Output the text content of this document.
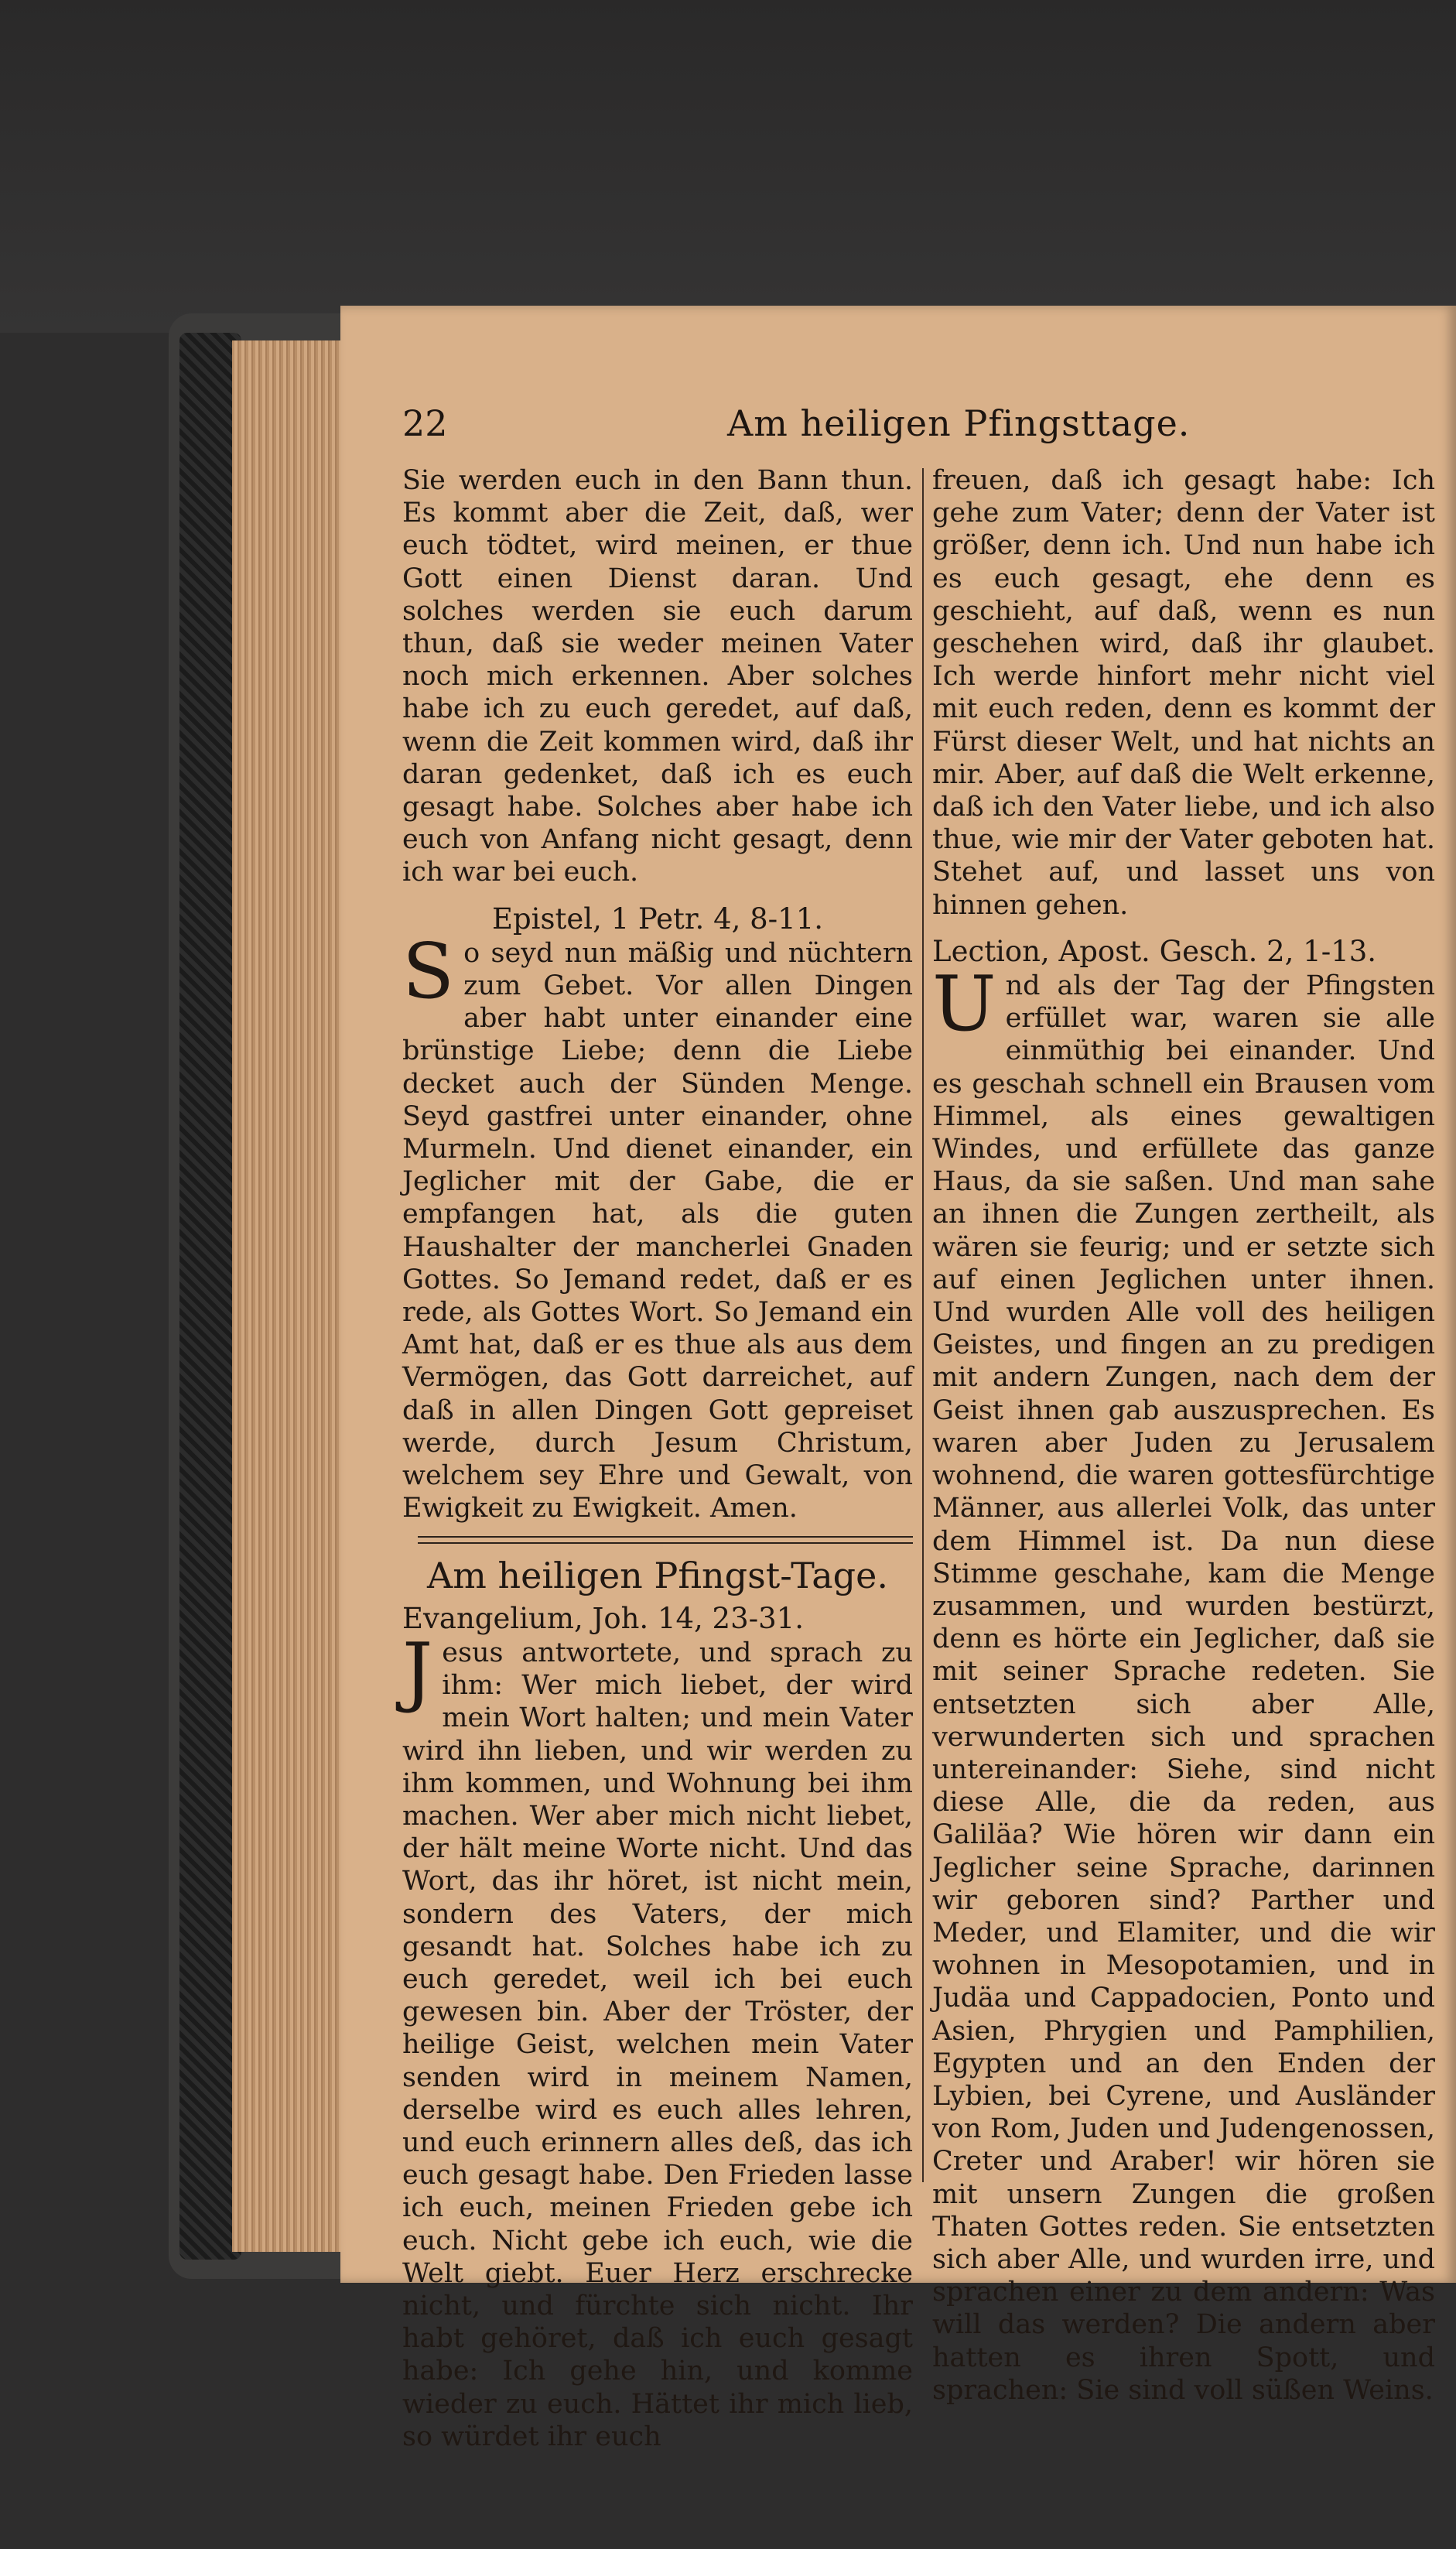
22	Am heiligen Pfingsttage.

Sie werden euch in den Bann thun. Es kommt aber die Zeit, daß, wer euch tödtet, wird meinen, er thue Gott einen Dienst daran. Und solches werden sie euch darum thun, daß sie weder meinen Vater noch mich erkennen. Aber solches habe ich zu euch geredet, auf daß, wenn die Zeit kommen wird, daß ihr daran gedenket, daß ich es euch gesagt habe. Solches aber habe ich euch von Anfang nicht gesagt, denn ich war bei euch.

Epistel, 1 Petr. 4, 8-11.

So seyd nun mäßig und nüchtern zum Gebet. Vor allen Dingen aber habt unter einander eine brünstige Liebe; denn die Liebe decket auch der Sünden Menge. Seyd gastfrei unter einander, ohne Murmeln. Und dienet einander, ein Jeglicher mit der Gabe, die er empfangen hat, als die guten Haushalter der mancherlei Gnaden Gottes. So Jemand redet, daß er es rede, als Gottes Wort. So Jemand ein Amt hat, daß er es thue als aus dem Vermögen, das Gott darreichet, auf daß in allen Dingen Gott gepreiset werde, durch Jesum Christum, welchem sey Ehre und Gewalt, von Ewigkeit zu Ewigkeit. Amen.

Am heiligen Pfingst-Tage.
Evangelium, Joh. 14, 23-31.

Jesus antwortete, und sprach zu ihm: Wer mich liebet, der wird mein Wort halten; und mein Vater wird ihn lieben, und wir werden zu ihm kommen, und Wohnung bei ihm machen. Wer aber mich nicht liebet, der hält meine Worte nicht. Und das Wort, das ihr höret, ist nicht mein, sondern des Vaters, der mich gesandt hat. Solches habe ich zu euch geredet, weil ich bei euch gewesen bin. Aber der Tröster, der heilige Geist, welchen mein Vater senden wird in meinem Namen, derselbe wird es euch alles lehren, und euch erinnern alles deß, das ich euch gesagt habe. Den Frieden lasse ich euch, meinen Frieden gebe ich euch. Nicht gebe ich euch, wie die Welt giebt. Euer Herz erschrecke nicht, und fürchte sich nicht. Ihr habt gehöret, daß ich euch gesagt habe: Ich gehe hin, und komme wieder zu euch. Hättet ihr mich lieb, so würdet ihr euch

freuen, daß ich gesagt habe: Ich gehe zum Vater; denn der Vater ist größer, denn ich. Und nun habe ich es euch gesagt, ehe denn es geschieht, auf daß, wenn es nun geschehen wird, daß ihr glaubet. Ich werde hinfort mehr nicht viel mit euch reden, denn es kommt der Fürst dieser Welt, und hat nichts an mir. Aber, auf daß die Welt erkenne, daß ich den Vater liebe, und ich also thue, wie mir der Vater geboten hat. Stehet auf, und lasset uns von hinnen gehen.

Lection, Apost. Gesch. 2, 1-13.

Und als der Tag der Pfingsten erfüllet war, waren sie alle einmüthig bei einander. Und es geschah schnell ein Brausen vom Himmel, als eines gewaltigen Windes, und erfüllete das ganze Haus, da sie saßen. Und man sahe an ihnen die Zungen zertheilt, als wären sie feurig; und er setzte sich auf einen Jeglichen unter ihnen. Und wurden Alle voll des heiligen Geistes, und fingen an zu predigen mit andern Zungen, nach dem der Geist ihnen gab auszusprechen. Es waren aber Juden zu Jerusalem wohnend, die waren gottesfürchtige Männer, aus allerlei Volk, das unter dem Himmel ist. Da nun diese Stimme geschahe, kam die Menge zusammen, und wurden bestürzt, denn es hörte ein Jeglicher, daß sie mit seiner Sprache redeten. Sie entsetzten sich aber Alle, verwunderten sich und sprachen untereinander: Siehe, sind nicht diese Alle, die da reden, aus Galiläa? Wie hören wir dann ein Jeglicher seine Sprache, darinnen wir geboren sind? Parther und Meder, und Elamiter, und die wir wohnen in Mesopotamien, und in Judäa und Cappadocien, Ponto und Asien, Phrygien und Pamphilien, Egypten und an den Enden der Lybien, bei Cyrene, und Ausländer von Rom, Juden und Judengenossen, Creter und Araber! wir hören sie mit unsern Zungen die großen Thaten Gottes reden. Sie entsetzten sich aber Alle, und wurden irre, und sprachen einer zu dem andern: Was will das werden? Die andern aber hatten es ihren Spott, und sprachen: Sie sind voll süßen Weins.
